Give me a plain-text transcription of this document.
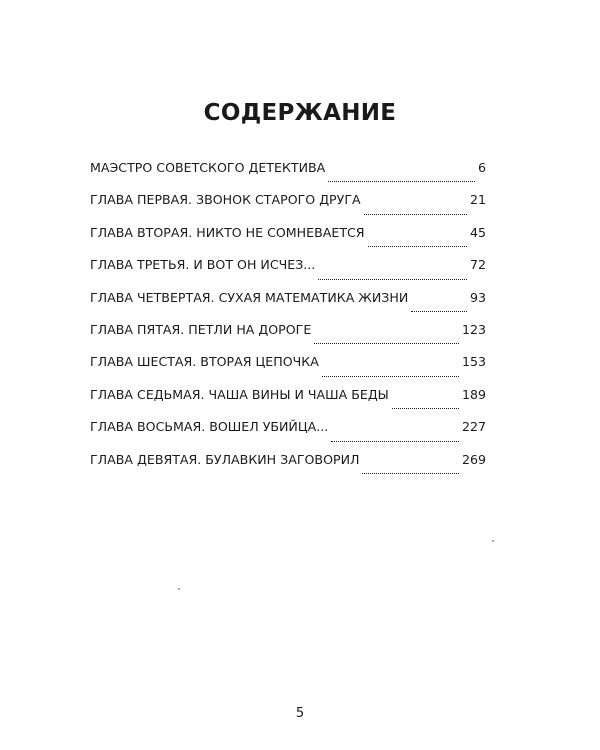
СОДЕРЖАНИЕ
МАЭСТРО СОВЕТСКОГО ДЕТЕКТИВА	6
ГЛАВА ПЕРВАЯ. ЗВОНОК СТАРОГО ДРУГА	21
ГЛАВА ВТОРАЯ. НИКТО НЕ СОМНЕВАЕТСЯ	45
ГЛАВА ТРЕТЬЯ. И ВОТ ОН ИСЧЕЗ...	72
ГЛАВА ЧЕТВЕРТАЯ. СУХАЯ МАТЕМАТИКА ЖИЗНИ	93
ГЛАВА ПЯТАЯ. ПЕТЛИ НА ДОРОГЕ	123
ГЛАВА ШЕСТАЯ. ВТОРАЯ ЦЕПОЧКА	153
ГЛАВА СЕДЬМАЯ. ЧАША ВИНЫ И ЧАША БЕДЫ	189
ГЛАВА ВОСЬМАЯ. ВОШЕЛ УБИЙЦА...	227
ГЛАВА ДЕВЯТАЯ. БУЛАВКИН ЗАГОВОРИЛ	269
5
